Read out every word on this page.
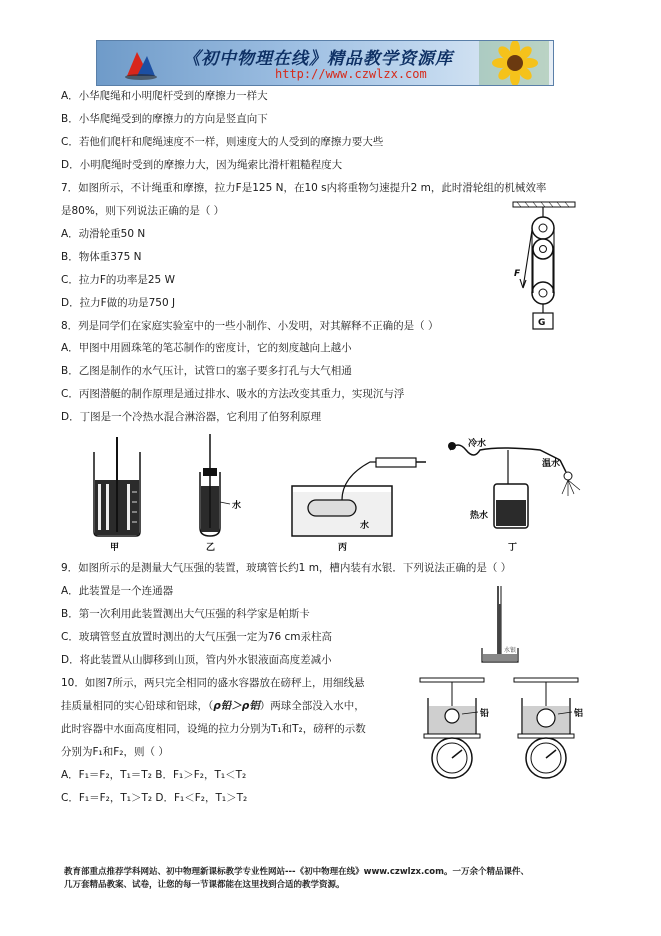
《初中物理在线》精品教学资源库
http://www.czwlzx.com
A．小华爬绳和小明爬杆受到的摩擦力一样大
B．小华爬绳受到的摩擦力的方向是竖直向下
C．若他们爬杆和爬绳速度不一样，则速度大的人受到的摩擦力要大些
D．小明爬绳时受到的摩擦力大，因为绳索比滑杆粗糙程度大
7．如图所示，不计绳重和摩擦，拉力F是125 N，在10 s内将重物匀速提升2 m，此时滑轮组的机械效率
是80%，则下列说法正确的是（ ）
A．动滑轮重50 N
B．物体重375 N
C．拉力F的功率是25 W
D．拉力F做的功是750 J
F
G
8．列是同学们在家庭实验室中的一些小制作、小发明，对其解释不正确的是（ ）
A．甲图中用圆珠笔的笔芯制作的密度计，它的刻度越向上越小
B．乙图是制作的水气压计，试管口的塞子要多打孔与大气相通
C．丙图潜艇的制作原理是通过排水、吸水的方法改变其重力，实现沉与浮
D．丁图是一个冷热水混合淋浴器，它利用了伯努利原理
甲
水
乙
水
丙
冷水
温水
热水
丁
9．如图所示的是测量大气压强的装置，玻璃管长约1 m，槽内装有水银．下列说法正确的是（ ）
A．此装置是一个连通器
B．第一次利用此装置测出大气压强的科学家是帕斯卡
C．玻璃管竖直放置时测出的大气压强一定为76 cm汞柱高
D．将此装置从山脚移到山顶，管内外水银液面高度差减小
水银
10．如图7所示，两只完全相同的盛水容器放在磅秤上，用细线悬
挂质量相同的实心铅球和铝球，（ρ铅＞ρ铝）两球全部没入水中，
此时容器中水面高度相同，设绳的拉力分别为T₁和T₂，磅秤的示数
分别为F₁和F₂，则（ ）
A．F₁＝F₂，T₁＝T₂ B．F₁＞F₂，T₁＜T₂
C．F₁＝F₂，T₁＞T₂ D．F₁＜F₂，T₁＞T₂
铅	铝
教育部重点推荐学科网站、初中物理新课标教学专业性网站---《初中物理在线》www.czwlzx.com。一万余个精品课件、
几万套精品教案、试卷，让您的每一节课都能在这里找到合适的教学资源。
